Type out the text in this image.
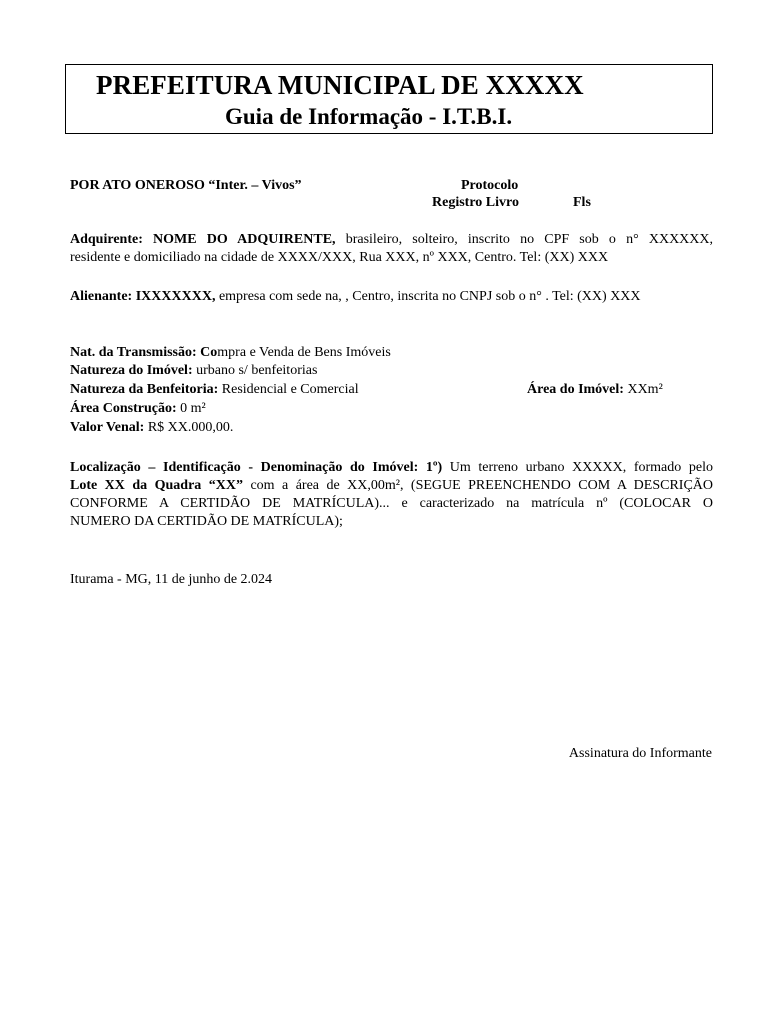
PREFEITURA MUNICIPAL DE XXXXX
Guia de Informação - I.T.B.I.
POR ATO ONEROSO “Inter. – Vivos”	Protocolo
Registro Livro	Fls
Adquirente: NOME DO ADQUIRENTE, brasileiro, solteiro, inscrito no CPF sob o n° XXXXXX,
residente e domiciliado na cidade de XXXX/XXX, Rua XXX, nº XXX, Centro. Tel: (XX) XXX
Alienante: IXXXXXXX, empresa com sede na, , Centro, inscrita no CNPJ sob o n° . Tel: (XX) XXX
Nat. da Transmissão: Compra e Venda de Bens Imóveis
Natureza do Imóvel: urbano s/ benfeitorias
Natureza da Benfeitoria: Residencial e Comercial	Área do Imóvel: XXm²
Área Construção: 0 m²
Valor Venal: R$ XX.000,00.
Localização – Identificação - Denominação do Imóvel: 1º) Um terreno urbano XXXXX, formado pelo
Lote XX da Quadra “XX” com a área de XX,00m², (SEGUE PREENCHENDO COM A DESCRIÇÃO
CONFORME A CERTIDÃO DE MATRÍCULA)... e caracterizado na matrícula nº (COLOCAR O
NUMERO DA CERTIDÃO DE MATRÍCULA);
Iturama - MG, 11 de junho de 2.024
Assinatura do Informante
